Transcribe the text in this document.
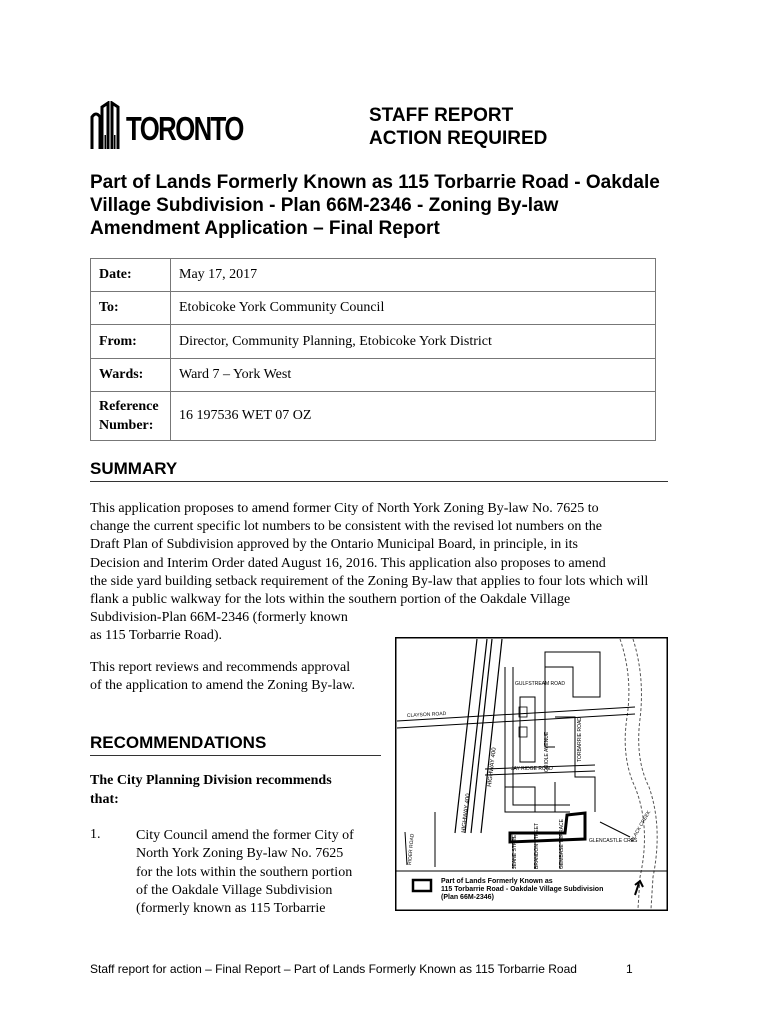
TORONTO	STAFF REPORT
ACTION REQUIRED
Part of Lands Formerly Known as 115 Torbarrie Road - Oakdale Village Subdivision - Plan 66M-2346 - Zoning By-law Amendment Application – Final Report
Date:	May 17, 2017
To:	Etobicoke York Community Council
From:	Director, Community Planning, Etobicoke York District
Wards:	Ward 7 – York West

Reference
Number:	16 197536 WET 07 OZ
SUMMARY
This application proposes to amend former City of North York Zoning By-law No. 7625 to
change the current specific lot numbers to be consistent with the revised lot numbers on the
Draft Plan of Subdivision approved by the Ontario Municipal Board, in principle, in its
Decision and Interim Order dated August 16, 2016. This application also proposes to amend
the side yard building setback requirement of the Zoning By-law that applies to four lots which will
flank a public walkway for the lots within the southern portion of the Oakdale Village
Subdivision-Plan 66M-2346 (formerly known
as 115 Torbarrie Road).
This report reviews and recommends approval
of the application to amend the Zoning By-law.
RECOMMENDATIONS
The City Planning Division recommends
that:
1.	City Council amend the former City of
North York Zoning By-law No. 7625
for the lots within the southern portion
of the Oakdale Village Subdivision
(formerly known as 115 Torbarrie
GULFSTREAM ROAD
CLAYSON ROAD
HIGHWAY 400
HIGHWAY 400	ORIOLE AVENUE	TORBARRIE ROAD
JAY RIDGE ROAD
BLACK CREEK
RIDER ROAD	JEANE STREET	BRANDON STREET	GEMBASE TERRACE	GLENCASTLE CRES
Part of Lands Formerly Known as
115 Torbarrie Road - Oakdale Village Subdivision
(Plan 66M-2346)
Staff report for action – Final Report – Part of Lands Formerly Known as 115 Torbarrie Road	1
